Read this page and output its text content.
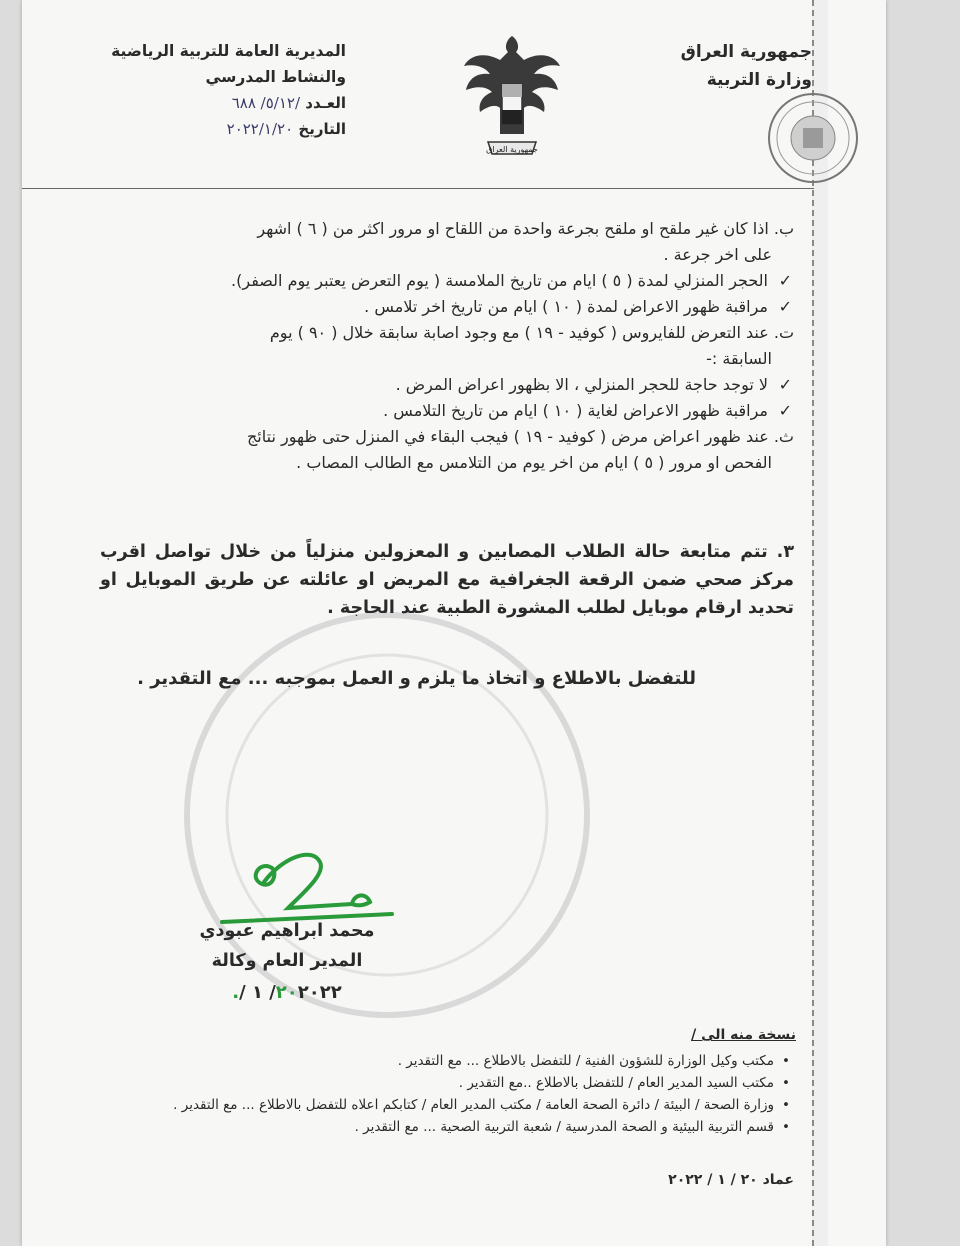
جمهورية العراق
وزارة التربية
جمهورية العراق
المديرية العامة للتربية الرياضية
والنشاط المدرسي
العـدد /٥/١٢/ ٦٨٨
التاريخ ٢٠٢٢/١/٢٠

ب. اذا كان غير ملقح او ملقح بجرعة واحدة من اللقاح او مرور اكثر من ( ٦ ) اشهر

على اخر جرعة .

✓
الحجر المنزلي لمدة ( ٥ ) ايام من تاريخ الملامسة ( يوم التعرض يعتبر يوم الصفر).

✓
مراقبة ظهور الاعراض لمدة ( ١٠ ) ايام من تاريخ اخر تلامس .

ت. عند التعرض للفايروس ( كوفيد - ١٩ ) مع وجود اصابة سابقة خلال ( ٩٠ ) يوم

السابقة :-

✓
لا توجد حاجة للحجر المنزلي ، الا بظهور اعراض المرض .

✓
مراقبة ظهور الاعراض لغاية ( ١٠ ) ايام من تاريخ التلامس .

ث. عند ظهور اعراض مرض ( كوفيد - ١٩ ) فيجب البقاء في المنزل حتى ظهور نتائج

الفحص او مرور ( ٥ ) ايام من اخر يوم من التلامس مع الطالب المصاب .

٣. تتم متابعة حالة الطلاب المصابين و المعزولين منزلياً من خلال تواصل اقرب مركز صحي ضمن الرقعة الجغرافية مع المريض او عائلته عن طريق الموبايل او تحديد ارقام موبايل لطلب المشورة الطبية عند الحاجة .
للتفضل بالاطلاع و اتخاذ ما يلزم و العمل بموجبه ... مع التقدير .
محمد ابراهيم عبودي
المدير العام وكالة
٢٠٢٠٢٢/ ١ /.
نسخة منه الى /
•
مكتب وكيل الوزارة للشؤون الفنية / للتفضل بالاطلاع ... مع التقدير .
•
مكتب السيد المدير العام / للتفضل بالاطلاع ..مع التقدير .
•
وزارة الصحة / البيئة / دائرة الصحة العامة / مكتب المدير العام / كتابكم اعلاه للتفضل بالاطلاع ... مع التقدير .
•
قسم التربية البيئية و الصحة المدرسية / شعبة التربية الصحية ... مع التقدير .
عماد ٢٠ / ١ / ٢٠٢٢
